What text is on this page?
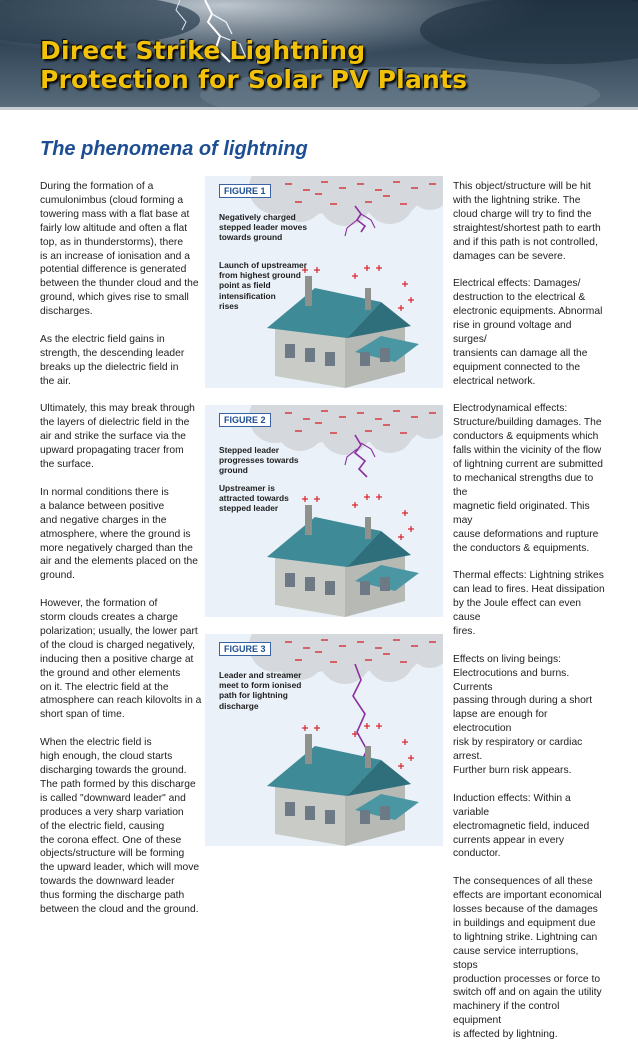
Direct Strike Lightning
Protection for Solar PV Plants
The phenomena of lightning

During the formation of a
cumulonimbus (cloud forming a
towering mass with a flat base at
fairly low altitude and often a flat
top, as in thunderstorms), there
is an increase of ionisation and a
potential difference is generated
between the thunder cloud and the
ground, which gives rise to small
discharges.

As the electric field gains in
strength, the descending leader
breaks up the dielectric field in
the air.

Ultimately, this may break through
the layers of dielectric field in the
air and strike the surface via the
upward propagating tracer from
the surface.

In normal conditions there is
a balance between positive
and negative charges in the
atmosphere, where the ground is
more negatively charged than the
air and the elements placed on the
ground.

However, the formation of
storm clouds creates a charge
polarization; usually, the lower part
of the cloud is charged negatively,
inducing then a positive charge at
the ground and other elements
on it. The electric field at the
atmosphere can reach kilovolts in a
short span of time.

When the electric field is
high enough, the cloud starts
discharging towards the ground.
The path formed by this discharge
is called "downward leader" and
produces a very sharp variation
of the electric field, causing
the corona effect. One of these
objects/structure will be forming
the upward leader, which will move
towards the downward leader
thus forming the discharge path
between the cloud and the ground.

FIGURE 1
Negatively charged
stepped leader moves
towards ground
Launch of upstreamer
from highest ground
point as field
intensification
rises
FIGURE 2
Stepped leader
progresses towards
ground
Upstreamer is
attracted towards
stepped leader
FIGURE 3
Leader and streamer
meet to form ionised
path for lightning
discharge

This object/structure will be hit
with the lightning strike. The
cloud charge will try to find the
straightest/shortest path to earth
and if this path is not controlled,
damages can be severe.

Electrical effects: Damages/
destruction to the electrical &
electronic equipments. Abnormal
rise in ground voltage and surges/
transients can damage all the
equipment connected to the
electrical network.

Electrodynamical effects:
Structure/building damages. The
conductors & equipments which
falls within the vicinity of the flow
of lightning current are submitted
to mechanical strengths due to the
magnetic field originated. This may
cause deformations and rupture
the conductors & equipments.

Thermal effects: Lightning strikes
can lead to fires. Heat dissipation
by the Joule effect can even cause
fires.

Effects on living beings:
Electrocutions and burns. Currents
passing through during a short
lapse are enough for electrocution
risk by respiratory or cardiac arrest.
Further burn risk appears.

Induction effects: Within a variable
electromagnetic field, induced
currents appear in every conductor.

The consequences of all these
effects are important economical
losses because of the damages
in buildings and equipment due
to lightning strike. Lightning can
cause service interruptions, stops
production processes or force to
switch off and on again the utility
machinery if the control equipment
is affected by lightning.
